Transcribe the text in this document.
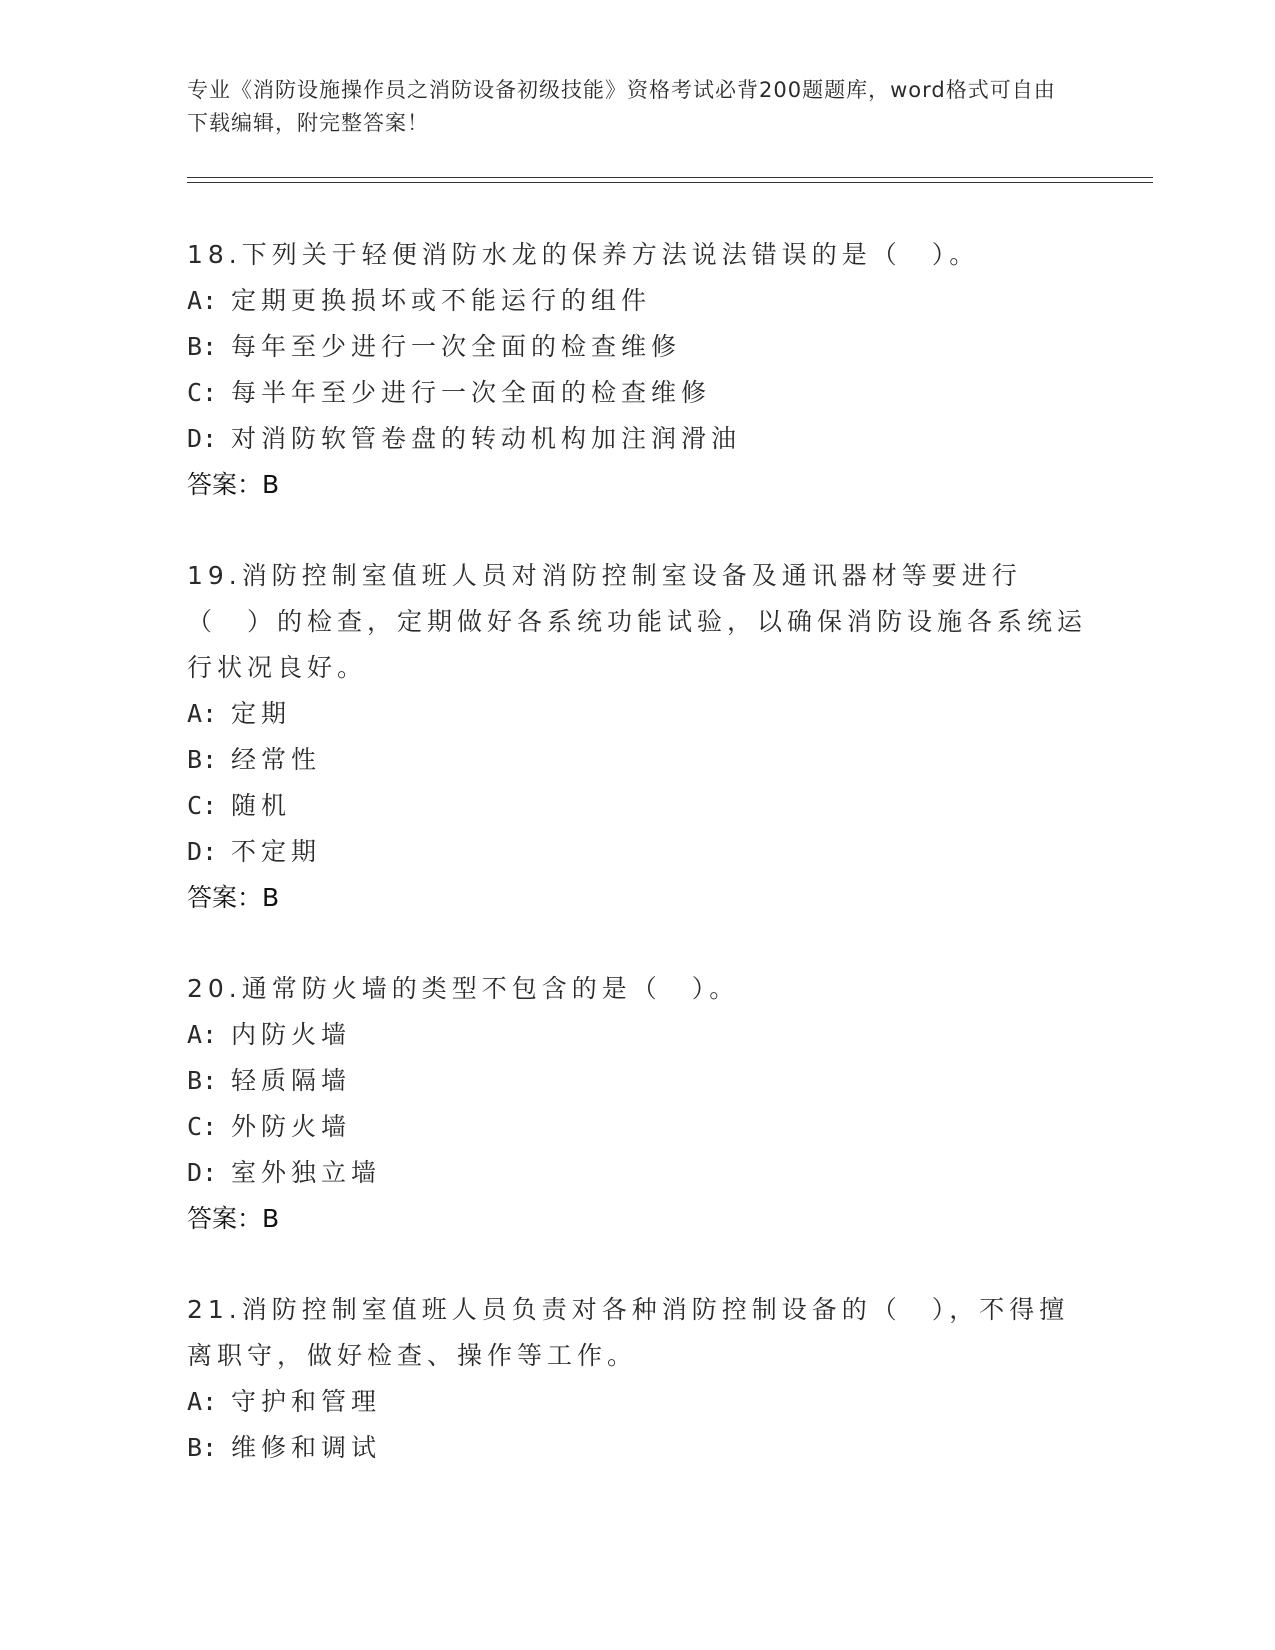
专业《消防设施操作员之消防设备初级技能》资格考试必背200题题库，word格式可自由下载编辑，附完整答案！
18.下列关于轻便消防水龙的保养方法说法错误的是（　）。
A: 定期更换损坏或不能运行的组件
B: 每年至少进行一次全面的检查维修
C: 每半年至少进行一次全面的检查维修
D: 对消防软管卷盘的转动机构加注润滑油
答案：B
19.消防控制室值班人员对消防控制室设备及通讯器材等要进行（　）的检查，定期做好各系统功能试验，以确保消防设施各系统运行状况良好。
A: 定期
B: 经常性
C: 随机
D: 不定期
答案：B
20.通常防火墙的类型不包含的是（　）。
A: 内防火墙
B: 轻质隔墙
C: 外防火墙
D: 室外独立墙
答案：B
21.消防控制室值班人员负责对各种消防控制设备的（　），不得擅离职守，做好检查、操作等工作。
A: 守护和管理
B: 维修和调试
